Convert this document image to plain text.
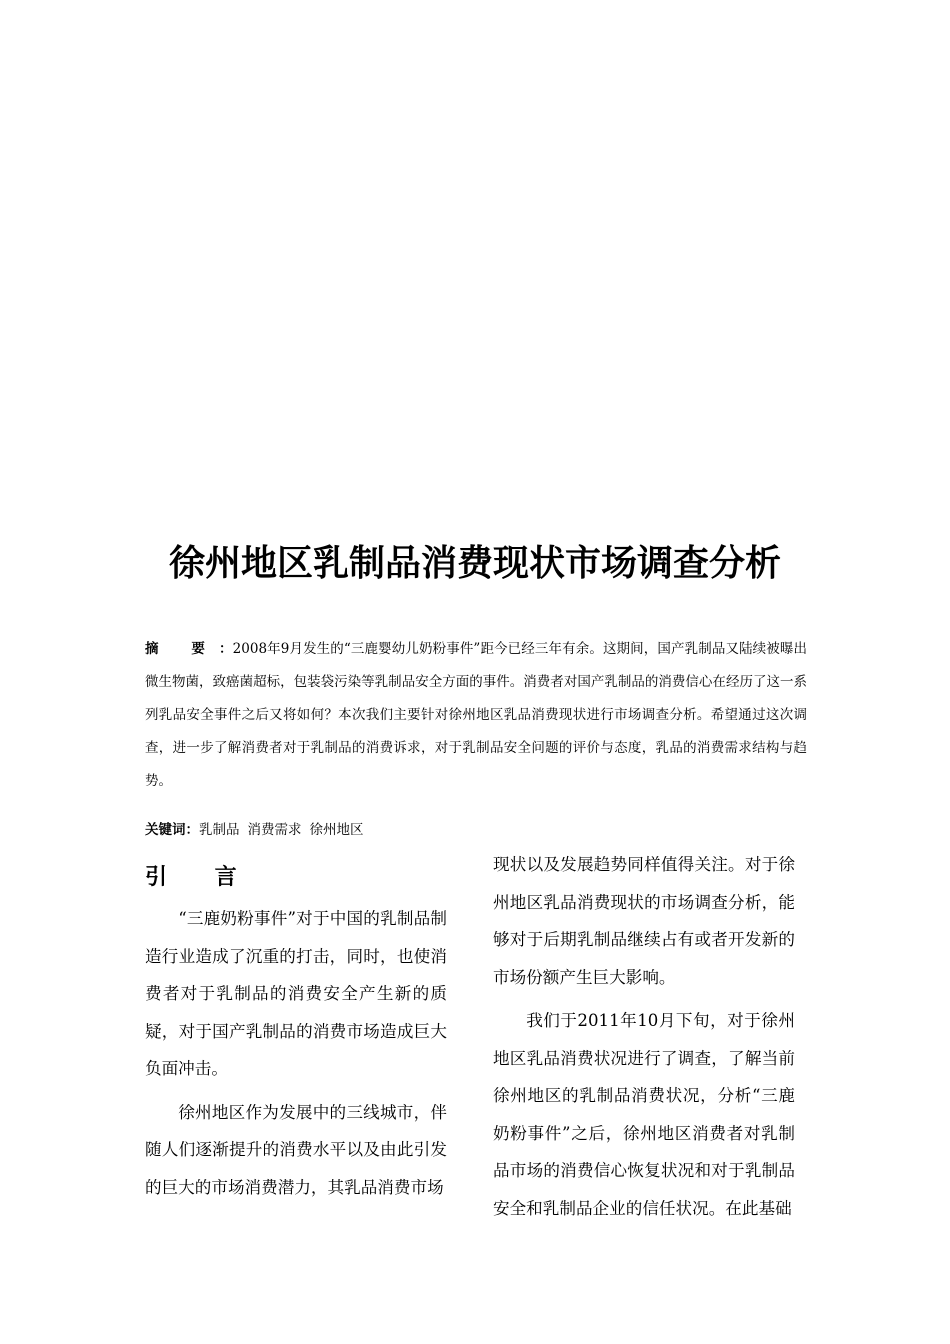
徐州地区乳制品消费现状市场调查分析

摘 要：2008年9月发生的“三鹿婴幼儿奶粉事件”距今已经三年有余。这期间，国产乳制品又陆续被曝出微生物菌，致癌菌超标，包装袋污染等乳制品安全方面的事件。消费者对国产乳制品的消费信心在经历了这一系列乳品安全事件之后又将如何？本次我们主要针对徐州地区乳品消费现状进行市场调查分析。希望通过这次调查，进一步了解消费者对于乳制品的消费诉求，对于乳制品安全问题的评价与态度，乳品的消费需求结构与趋势。

关键词：乳制品 消费需求 徐州地区

引 言

“三鹿奶粉事件”对于中国的乳制品制造行业造成了沉重的打击，同时，也使消费者对于乳制品的消费安全产生新的质疑，对于国产乳制品的消费市场造成巨大负面冲击。

徐州地区作为发展中的三线城市，伴随人们逐渐提升的消费水平以及由此引发的巨大的市场消费潜力，其乳品消费市场

现状以及发展趋势同样值得关注。对于徐州地区乳品消费现状的市场调查分析，能够对于后期乳制品继续占有或者开发新的市场份额产生巨大影响。

我们于2011年10月下旬，对于徐州地区乳品消费状况进行了调查，了解当前徐州地区的乳制品消费状况，分析“三鹿奶粉事件”之后，徐州地区消费者对乳制品市场的消费信心恢复状况和对于乳制品安全和乳制品企业的信任状况。在此基础
